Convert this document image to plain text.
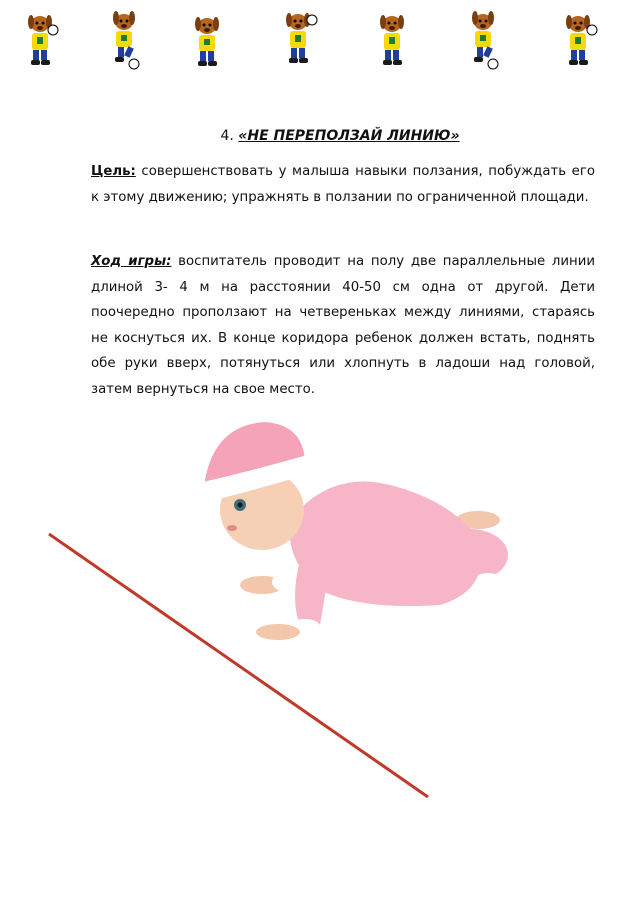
4. «НЕ ПЕРЕПОЛЗАЙ ЛИНИЮ»

Цель: совершенствовать у малыша навыки ползания, побуждать его к этому движению; упражнять в ползании по ограниченной площади.

Ход игры: воспитатель проводит на полу две параллельные линии длиной 3- 4 м на расстоянии 40-50 см одна от другой. Дети поочередно проползают на четвереньках между линиями, стараясь не коснуться их. В конце коридора ребенок должен встать, поднять обе руки вверх, потянуться или хлопнуть в ладоши над головой, затем вернуться на свое место.
